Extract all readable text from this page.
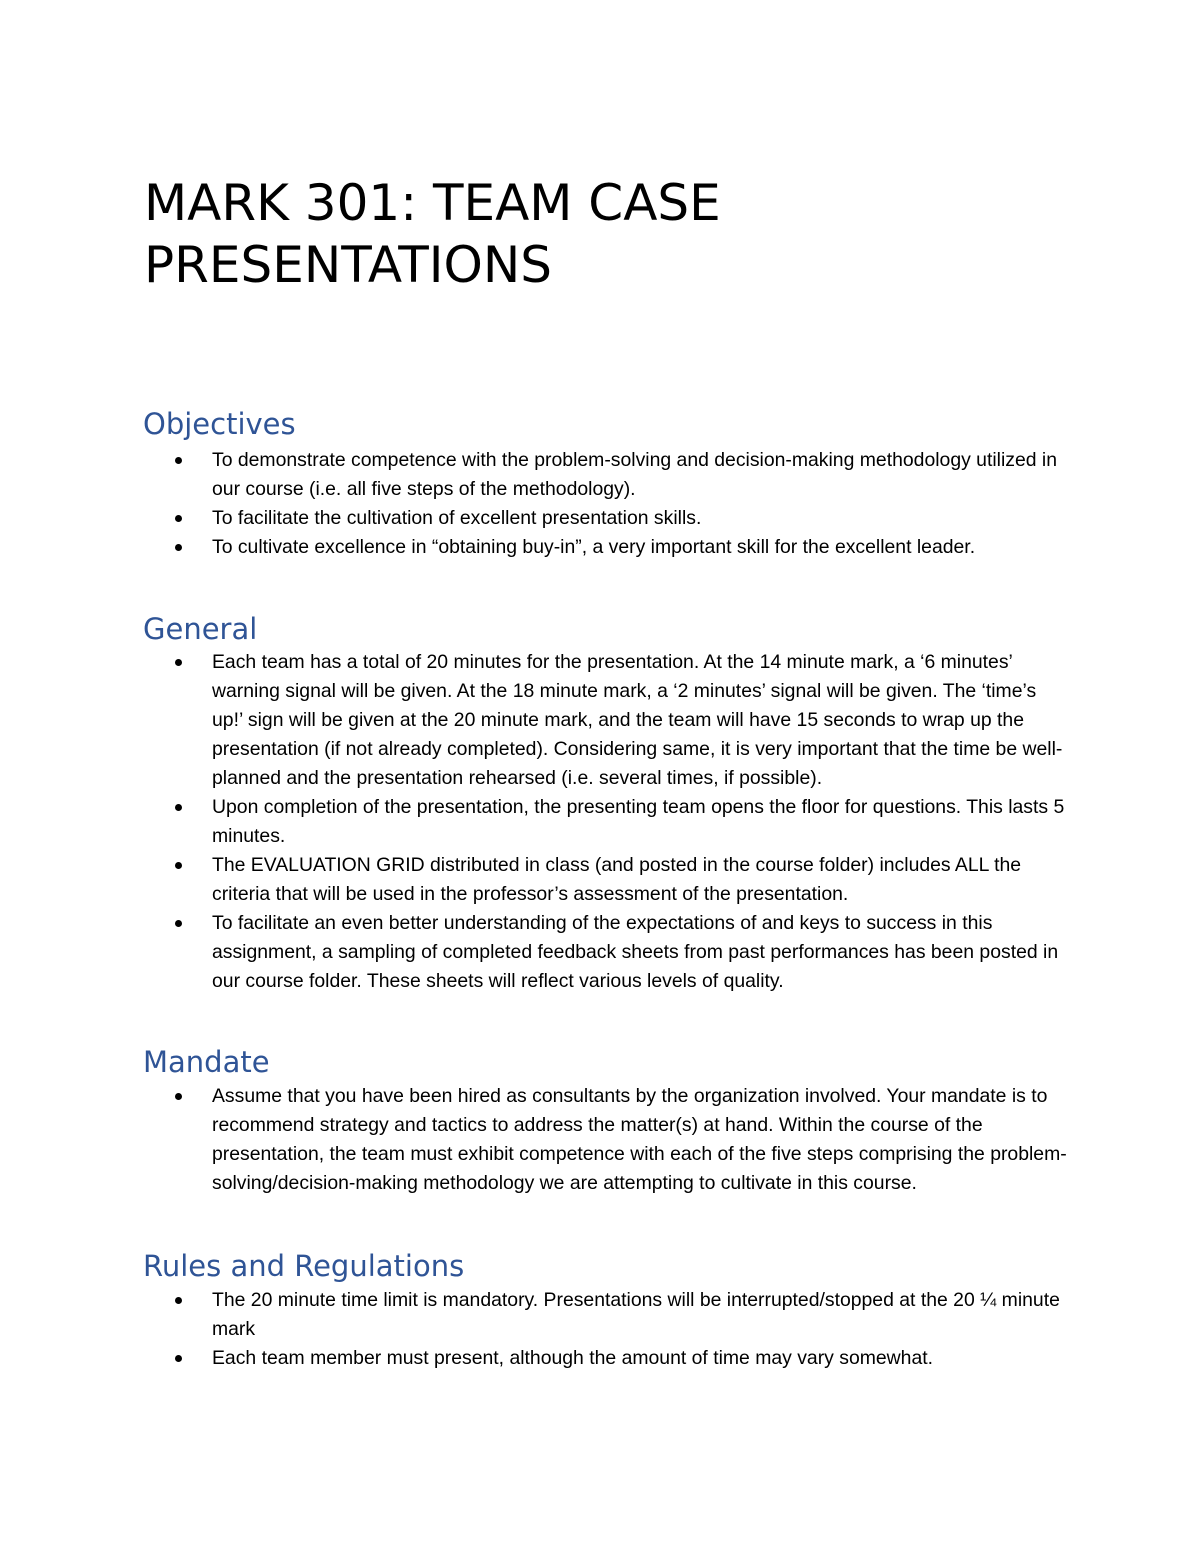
MARK 301: TEAM CASE
PRESENTATIONS
Objectives
To demonstrate competence with the problem-solving and decision-making methodology utilized in our course (i.e. all five steps of the methodology).
To facilitate the cultivation of excellent presentation skills.
To cultivate excellence in “obtaining buy-in”, a very important skill for the excellent leader.
General
Each team has a total of 20 minutes for the presentation. At the 14 minute mark, a ‘6 minutes’ warning signal will be given. At the 18 minute mark, a ‘2 minutes’ signal will be given. The ‘time’s up!’ sign will be given at the 20 minute mark, and the team will have 15 seconds to wrap up the presentation (if not already completed). Considering same, it is very important that the time be well-planned and the presentation rehearsed (i.e. several times, if possible).
Upon completion of the presentation, the presenting team opens the floor for questions. This lasts 5 minutes.
The EVALUATION GRID distributed in class (and posted in the course folder) includes ALL the criteria that will be used in the professor’s assessment of the presentation.
To facilitate an even better understanding of the expectations of and keys to success in this assignment, a sampling of completed feedback sheets from past performances has been posted in our course folder. These sheets will reflect various levels of quality.
Mandate
Assume that you have been hired as consultants by the organization involved. Your mandate is to recommend strategy and tactics to address the matter(s) at hand. Within the course of the presentation, the team must exhibit competence with each of the five steps comprising the problem-solving/decision-making methodology we are attempting to cultivate in this course.
Rules and Regulations
The 20 minute time limit is mandatory. Presentations will be interrupted/stopped at the 20 ¼ minute mark
Each team member must present, although the amount of time may vary somewhat.
